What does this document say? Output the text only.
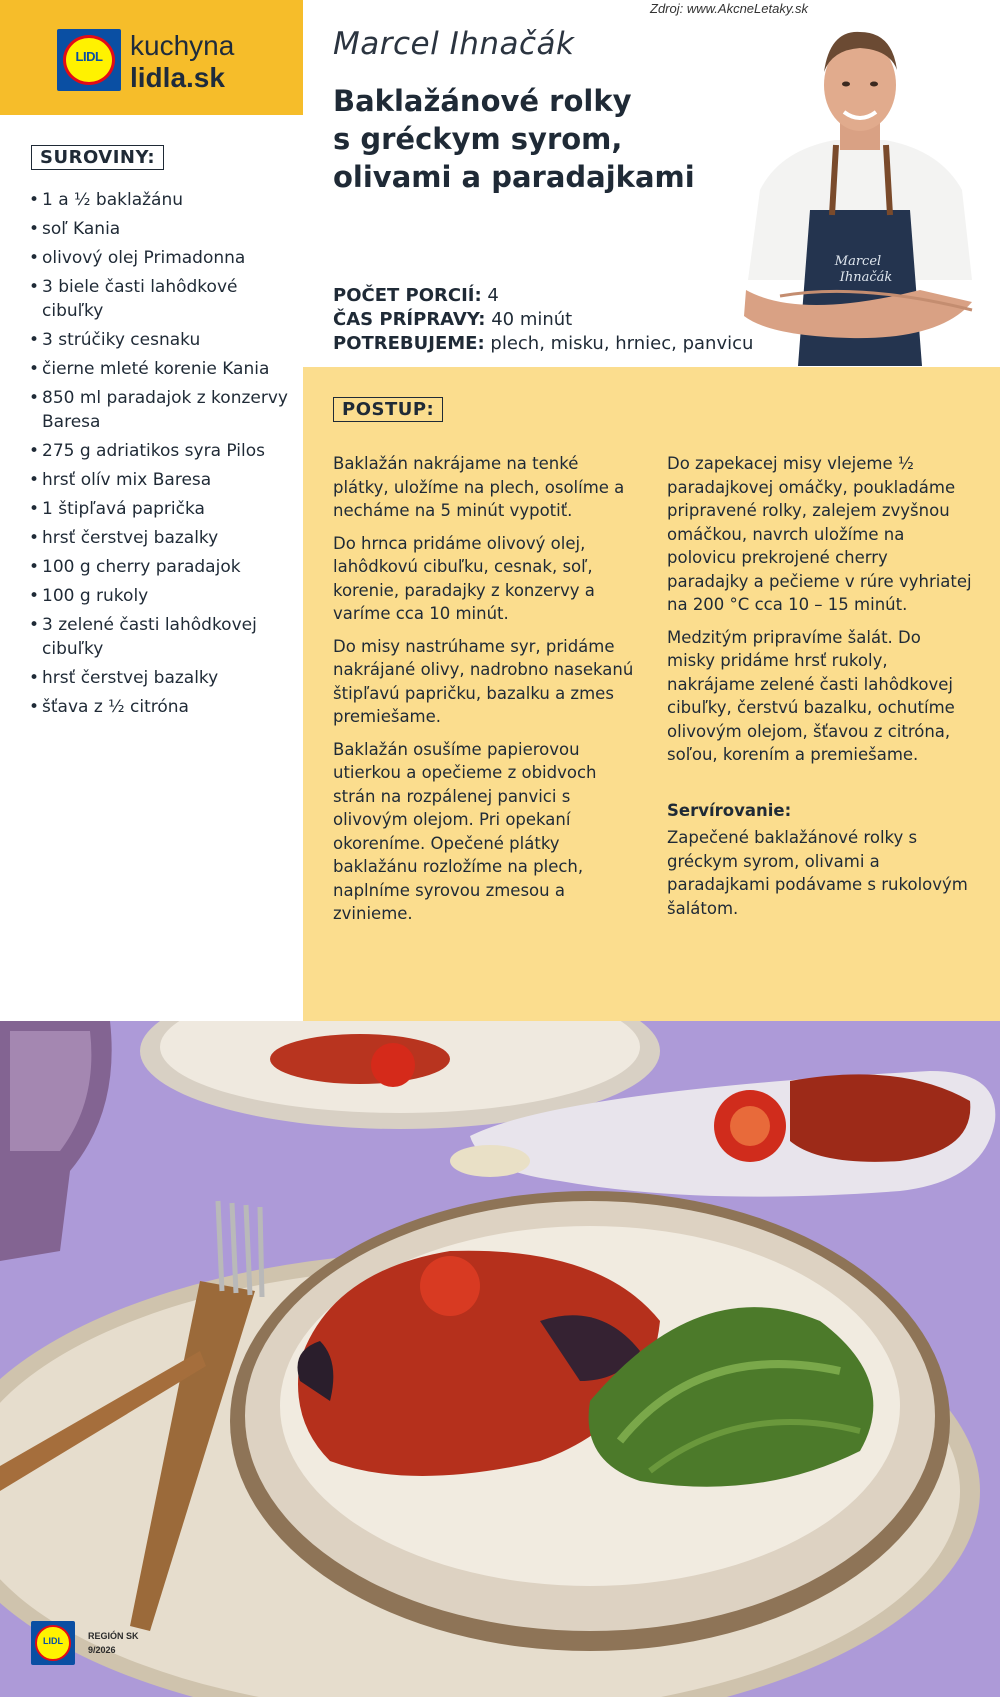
LIDL kuchyna
lidla.sk
Zdroj: www.AkcneLetaky.sk
Marcel Ihnačák
Baklažánové rolky
s gréckym syrom,
olivami a paradajkami
Marcel
Ihnačák
POČET PORCIÍ: 4
ČAS PRÍPRAVY: 40 minút
POTREBUJEME: plech, misku, hrniec, panvicu
SUROVINY:
• 1 a ½ baklažánu
• soľ Kania
• olivový olej Primadonna
• 3 biele časti lahôdkové cibuľky
• 3 strúčiky cesnaku
• čierne mleté korenie Kania
• 850 ml paradajok z konzervy Baresa
• 275 g adriatikos syra Pilos
• hrsť olív mix Baresa
• 1 štipľavá paprička
• hrsť čerstvej bazalky
• 100 g cherry paradajok
• 100 g rukoly
• 3 zelené časti lahôdkovej cibuľky
• hrsť čerstvej bazalky
• šťava z ½ citróna
POSTUP:

Baklažán nakrájame na tenké plátky, uložíme na plech, osolíme a necháme na 5 minút vypotiť.

Do hrnca pridáme olivový olej, lahôdkovú cibuľku, cesnak, soľ, korenie, paradajky z konzervy a varíme cca 10 minút.

Do misy nastrúhame syr, pridáme nakrájané olivy, nadrobno nasekanú štipľavú papričku, bazalku a zmes premiešame.

Baklažán osušíme papierovou utierkou a opečieme z obidvoch strán na rozpálenej panvici s olivovým olejom. Pri opekaní okoreníme. Opečené plátky baklažánu rozložíme na plech, naplníme syrovou zmesou a zvinieme.

Do zapekacej misy vlejeme ½ paradajkovej omáčky, poukladáme pripravené rolky, zalejem zvyšnou omáčkou, navrch uložíme na polovicu prekrojené cherry paradajky a pečieme v rúre vyhriatej na 200 °C cca 10 – 15 minút.

Medzitým pripravíme šalát. Do misky pridáme hrsť rukoly, nakrájame zelené časti lahôdkovej cibuľky, čerstvú bazalku, ochutíme olivovým olejom, šťavou z citróna, soľou, korením a premiešame.

Servírovanie:

Zapečené baklažánové rolky s gréckym syrom, olivami a paradajkami podávame s rukolovým šalátom.

LIDL	REGIÓN SK
9/2026
